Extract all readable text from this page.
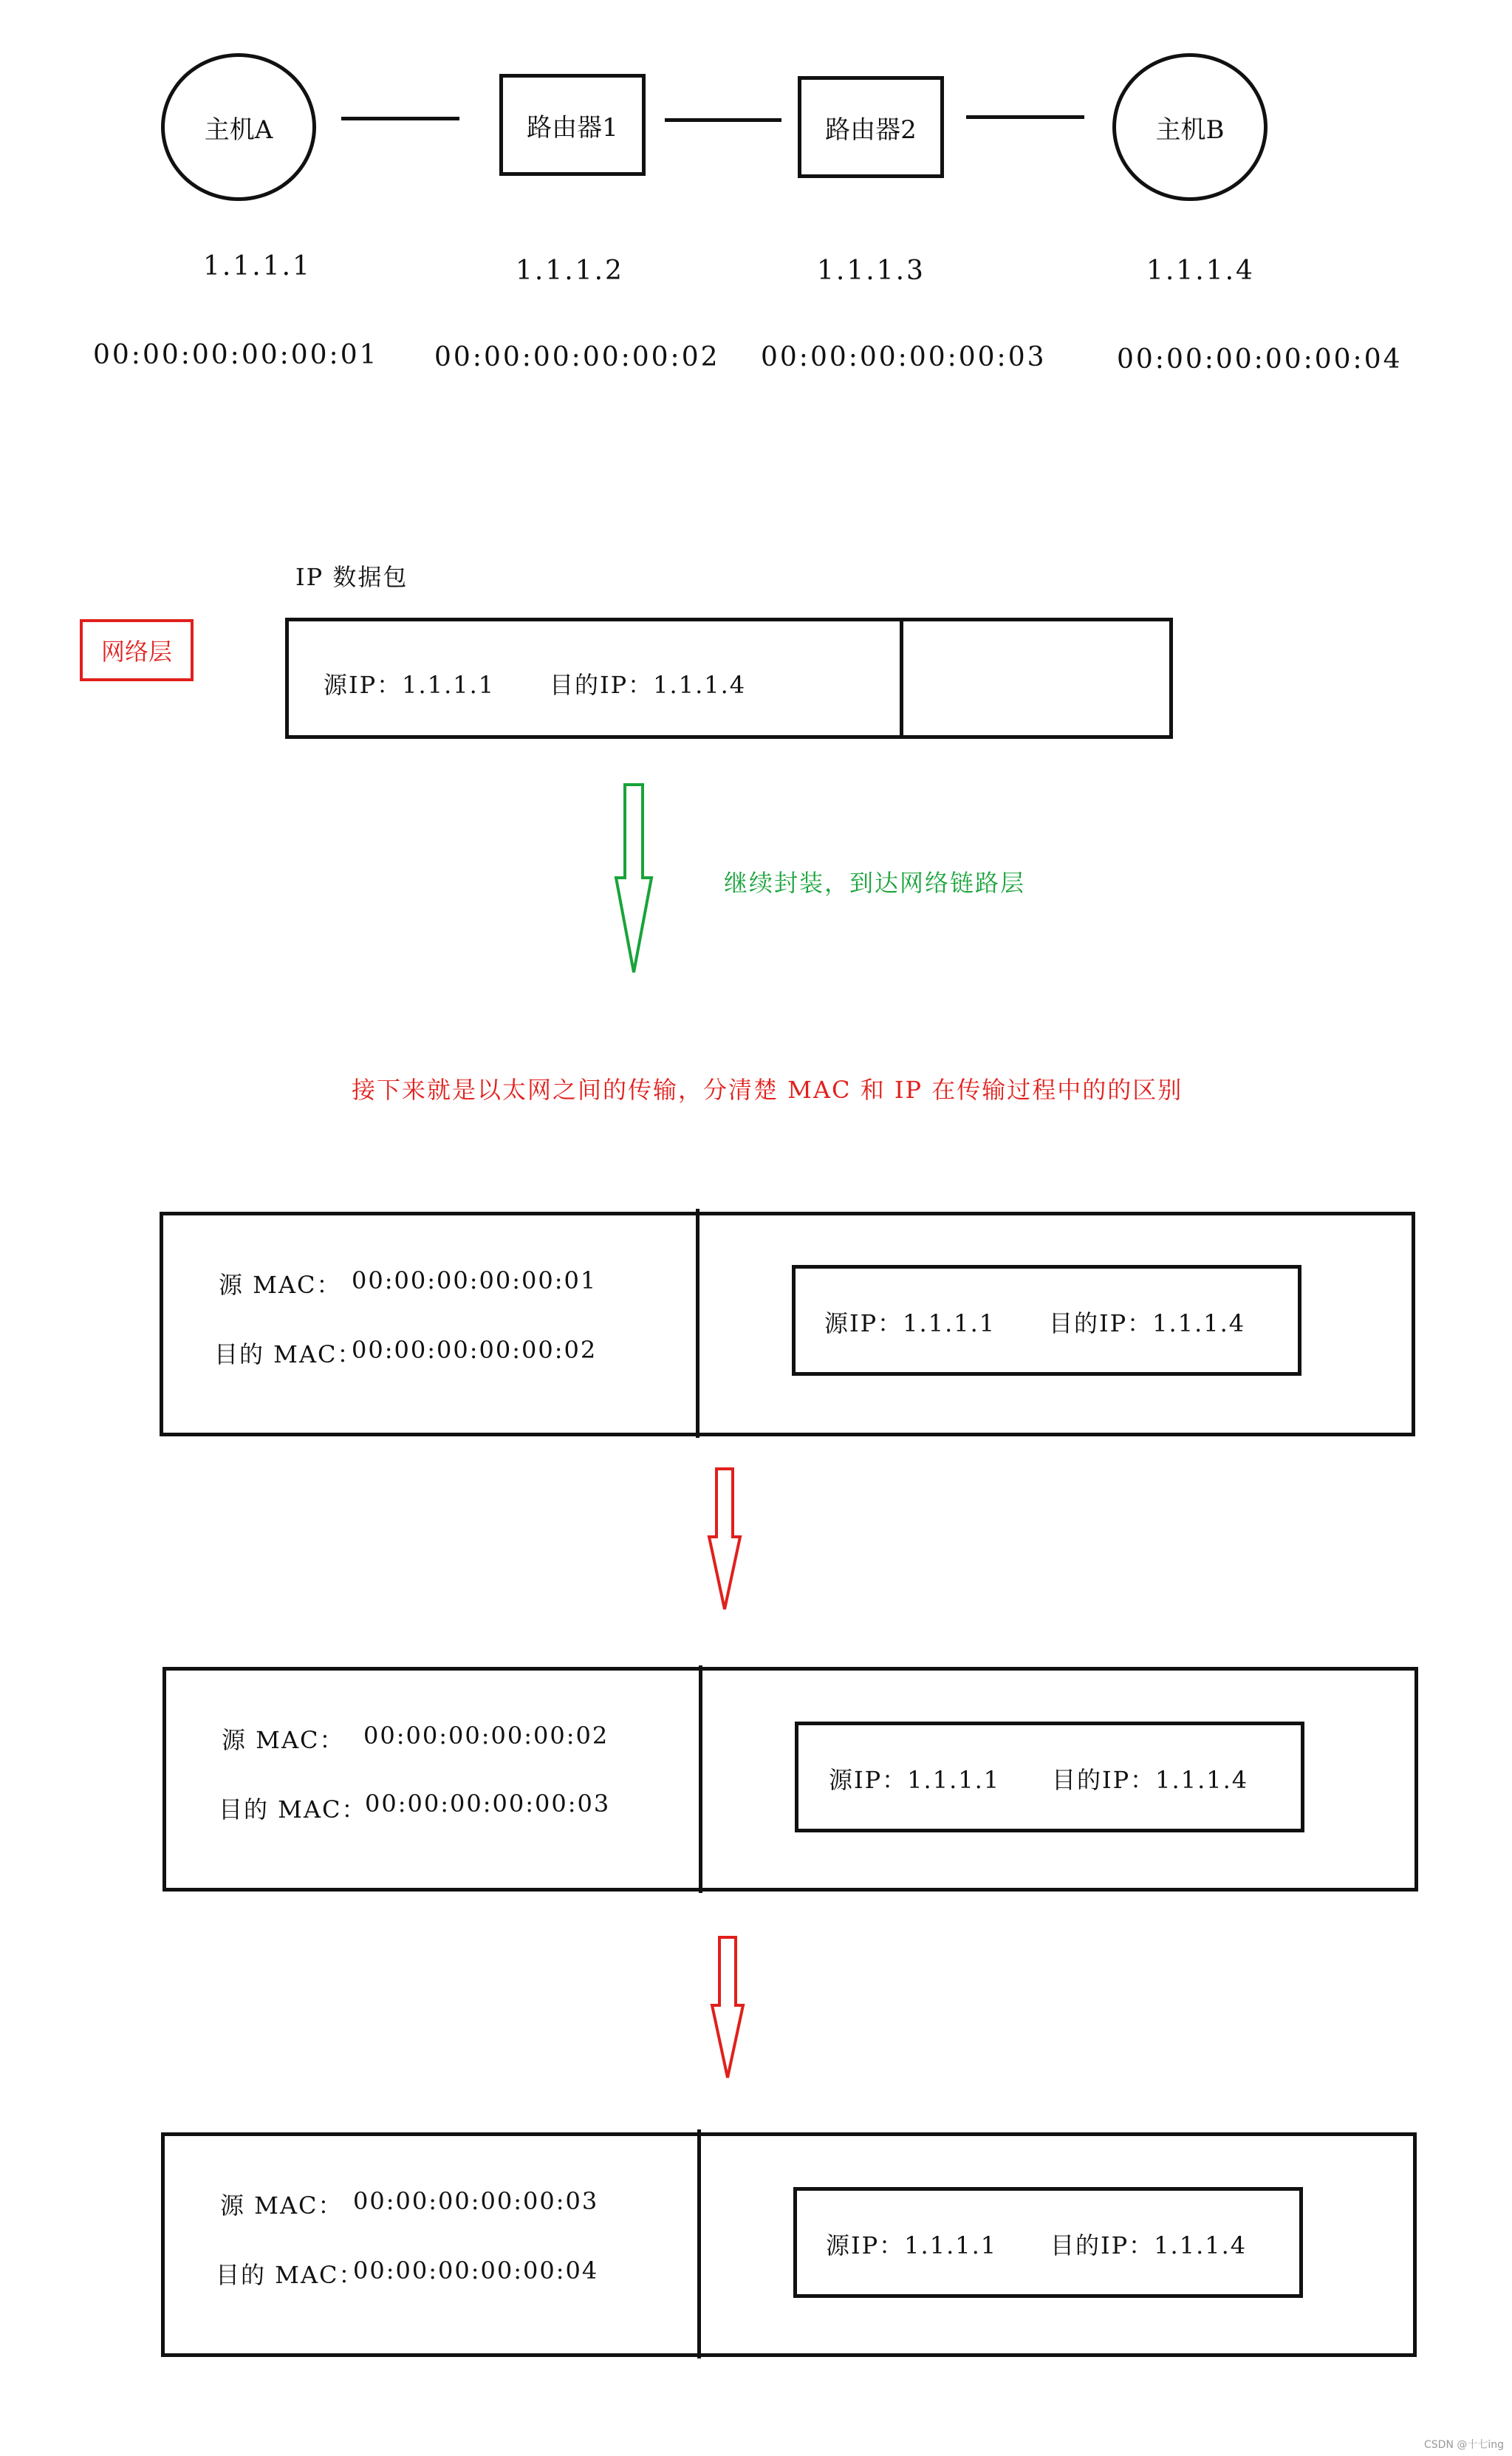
主机A	路由器1	路由器2	主机B
1.1.1.1	1.1.1.2	1.1.1.3	1.1.1.4
00:00:00:00:00:01 00:00:00:00:00:02 00:00:00:00:00:03	00:00:00:00:00:04
IP 数据包
网络层
源IP：1.1.1.1 目的IP：1.1.1.4
继续封装，到达网络链路层
接下来就是以太网之间的传输，分清楚 MAC 和 IP 在传输过程中的的区别
源 MAC： 00:00:00:00:00:01
目的 MAC：
00:00:00:00:00:02
源IP：1.1.1.1 目的IP：1.1.1.4
源 MAC： 00:00:00:00:00:02
目的 MAC：
00:00:00:00:00:03
源IP：1.1.1.1 目的IP：1.1.1.4
源 MAC： 00:00:00:00:00:03
目的 MAC：
00:00:00:00:00:04
源IP：1.1.1.1 目的IP：1.1.1.4
CSDN @十七ing
